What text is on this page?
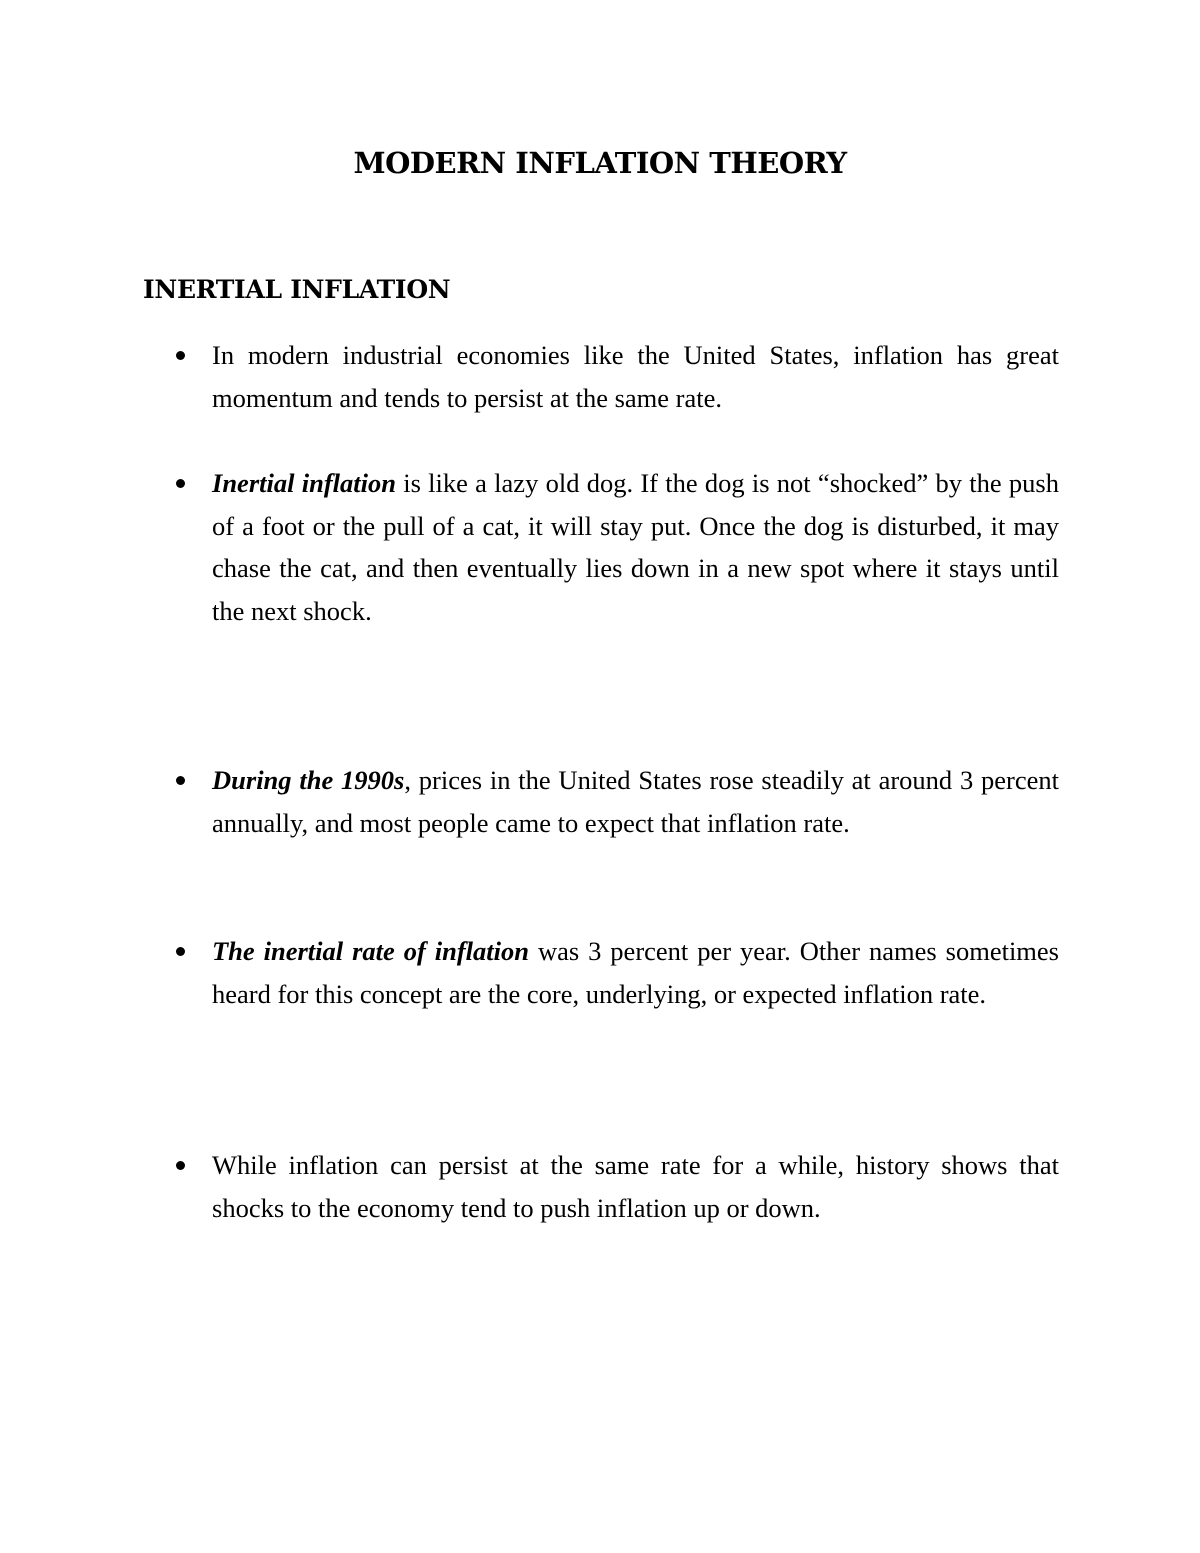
MODERN INFLATION THEORY
INERTIAL INFLATION
In modern industrial economies like the United States, inflation has great momentum and tends to persist at the same rate.
Inertial inflation is like a lazy old dog. If the dog is not “shocked” by the push of a foot or the pull of a cat, it will stay put. Once the dog is disturbed, it may chase the cat, and then eventually lies down in a new spot where it stays until the next shock.
During the 1990s, prices in the United States rose steadily at around 3 percent annually, and most people came to expect that inflation rate.
The inertial rate of inflation was 3 percent per year. Other names sometimes heard for this concept are the core, underlying, or expected inflation rate.
While inflation can persist at the same rate for a while, history shows that shocks to the economy tend to push inflation up or down.
